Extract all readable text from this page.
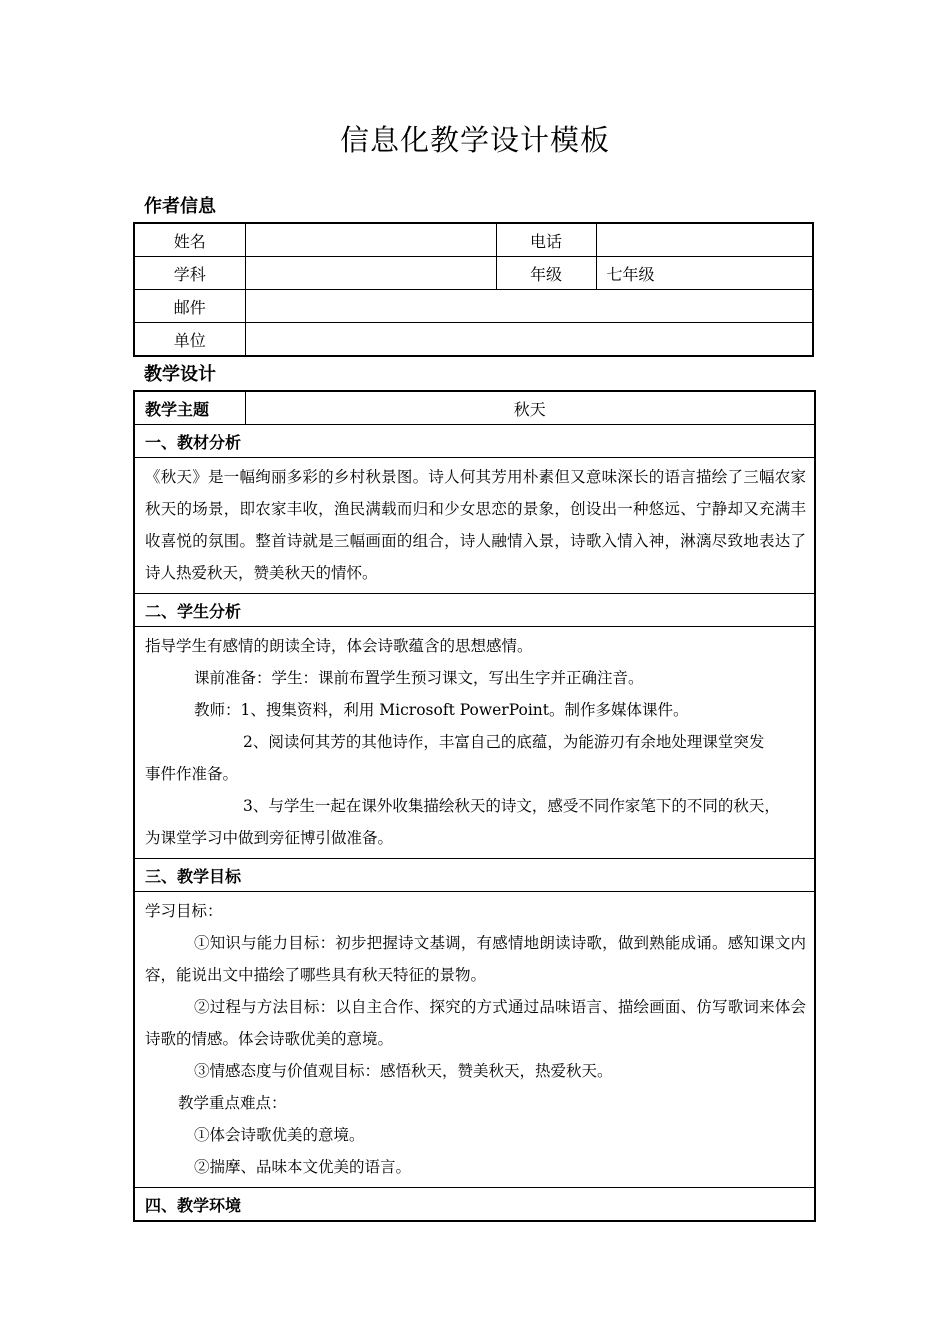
信息化教学设计模板
作者信息
姓名		电话	
学科		年级	七年级
邮件			
单位			
教学设计
教学主题	秋天
一、教材分析

《秋天》是一幅绚丽多彩的乡村秋景图。诗人何其芳用朴素但又意味深长的语言描绘了三幅农家秋天的场景，即农家丰收，渔民满载而归和少女思恋的景象，创设出一种悠远、宁静却又充满丰收喜悦的氛围。整首诗就是三幅画面的组合，诗人融情入景，诗歌入情入神，淋漓尽致地表达了诗人热爱秋天，赞美秋天的情怀。

二、学生分析

指导学生有感情的朗读全诗，体会诗歌蕴含的思想感情。

课前准备：学生：课前布置学生预习课文，写出生字并正确注音。

教师：1、搜集资料，利用 Microsoft PowerPoint。制作多媒体课件。

2、阅读何其芳的其他诗作，丰富自己的底蕴，为能游刃有余地处理课堂突发

事件作准备。

3、与学生一起在课外收集描绘秋天的诗文，感受不同作家笔下的不同的秋天，

为课堂学习中做到旁征博引做准备。

三、教学目标

学习目标：

①知识与能力目标：初步把握诗文基调，有感情地朗读诗歌，做到熟能成诵。感知课文内容，能说出文中描绘了哪些具有秋天特征的景物。

②过程与方法目标：以自主合作、探究的方式通过品味语言、描绘画面、仿写歌词来体会诗歌的情感。体会诗歌优美的意境。

③情感态度与价值观目标：感悟秋天，赞美秋天，热爱秋天。

教学重点难点：

①体会诗歌优美的意境。

②揣摩、品味本文优美的语言。

四、教学环境
